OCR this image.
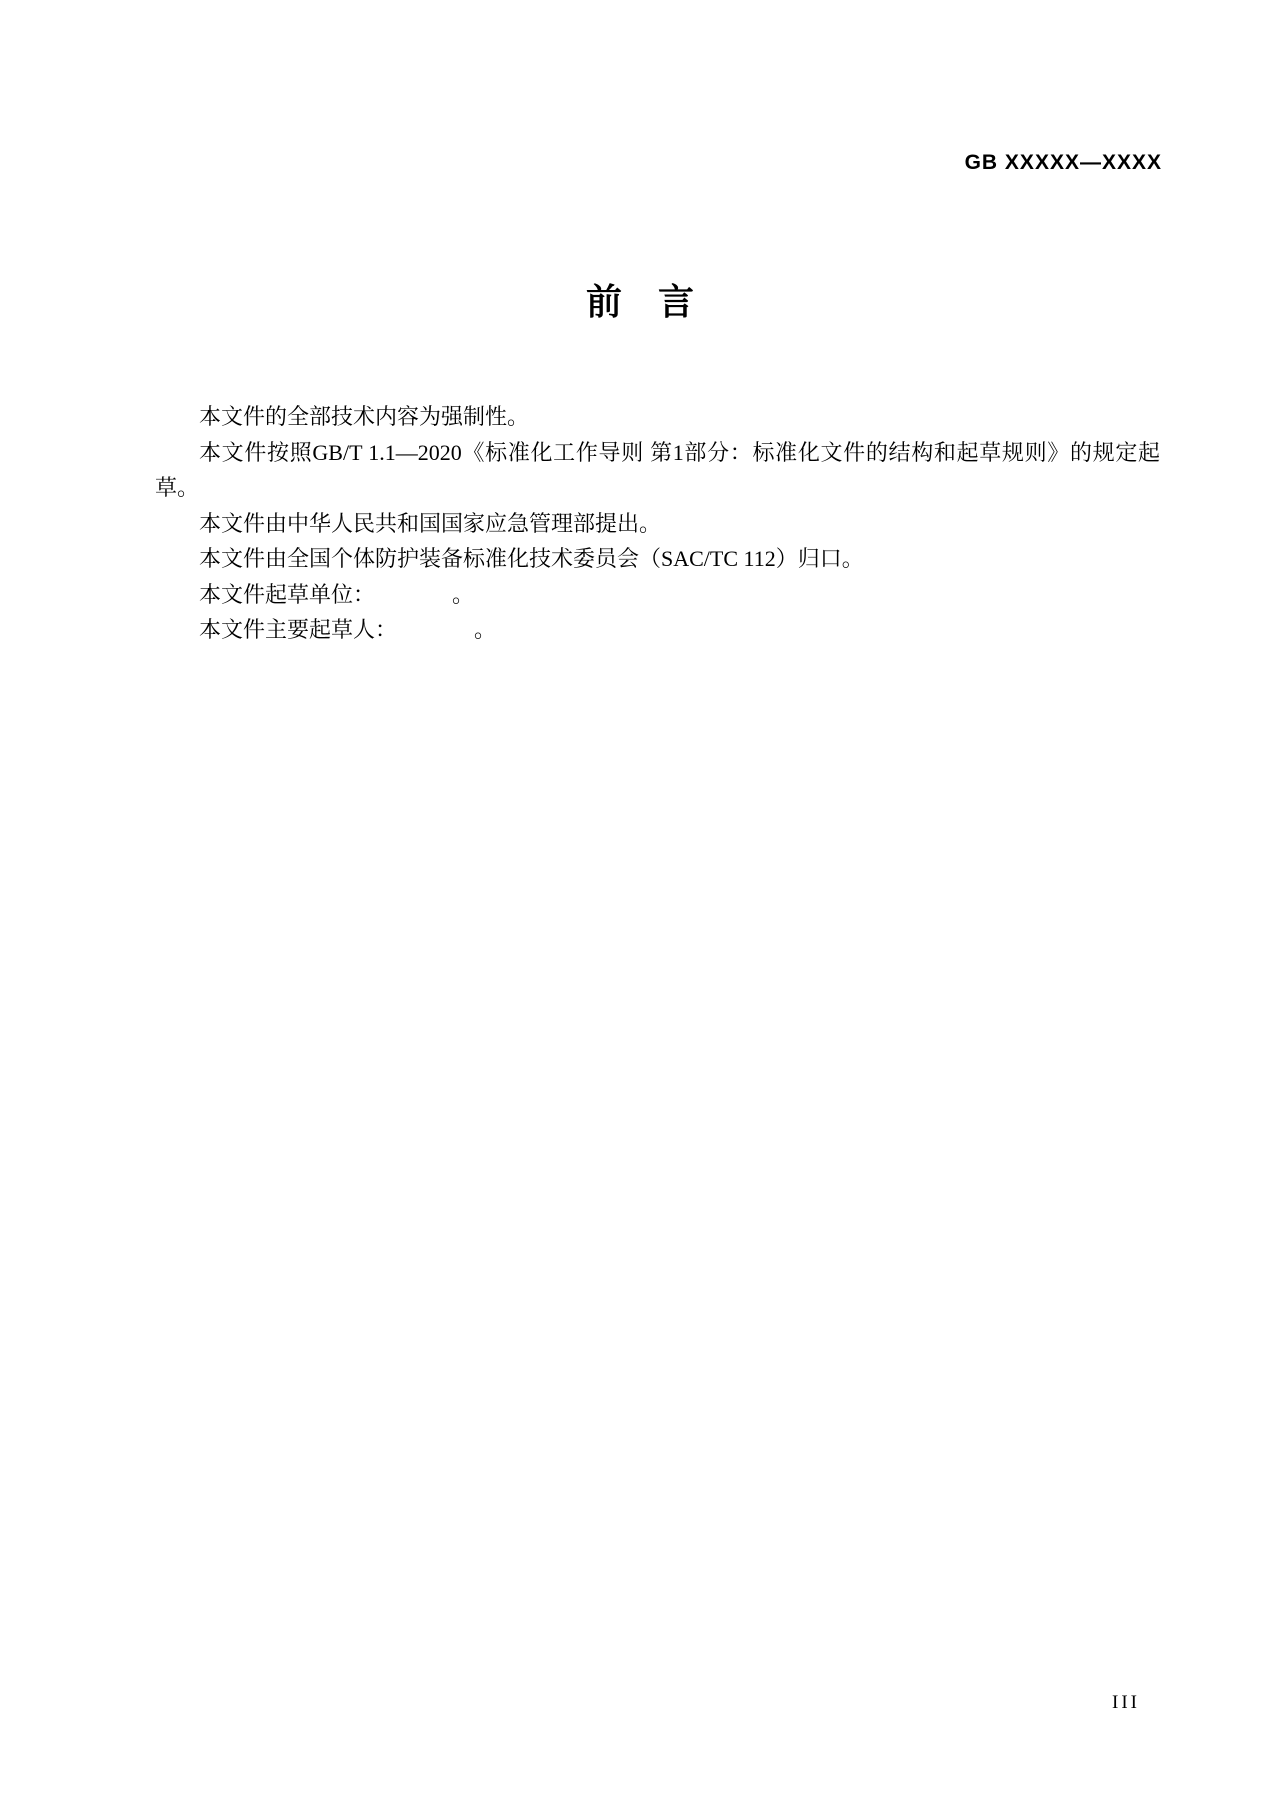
GB XXXXX—XXXX
前　言

本文件的全部技术内容为强制性。

本文件按照GB/T 1.1—2020《标准化工作导则 第1部分：标准化文件的结构和起草规则》的规定起草。

本文件由中华人民共和国国家应急管理部提出。

本文件由全国个体防护装备标准化技术委员会（SAC/TC 112）归口。

本文件起草单位：　　　　。

本文件主要起草人：　　　　。

III
